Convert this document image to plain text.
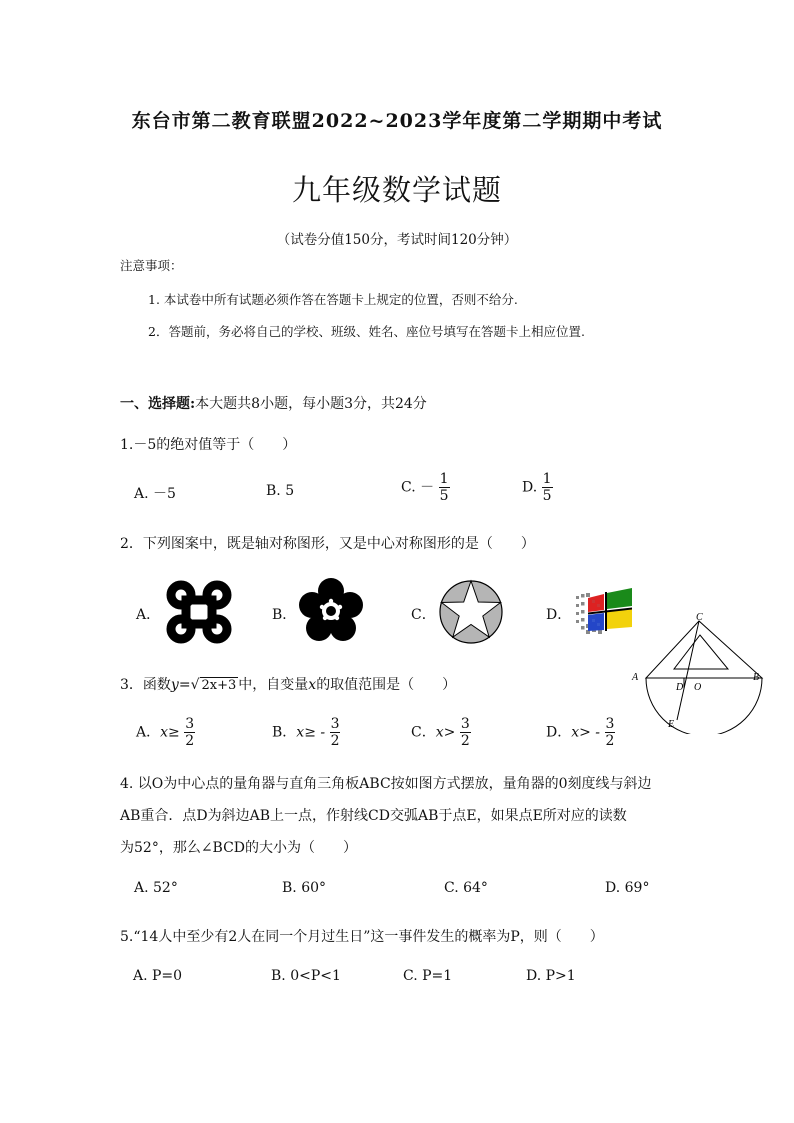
东台市第二教育联盟2022~2023学年度第二学期期中考试
九年级数学试题
（试卷分值150分，考试时间120分钟）
注意事项：
1. 本试卷中所有试题必须作答在答题卡上规定的位置，否则不给分.
2．答题前，务必将自己的学校、班级、姓名、座位号填写在答题卡上相应位置.
一、选择题:本大题共8小题，每小题3分，共24分
1.－5的绝对值等于（　　）
A. －5	B. 5	C. － $\frac{1}{5}$	D. $\frac{1}{5}$
2．下列图案中，既是轴对称图形，又是中心对称图形的是（　　）
A．	B．	C．	D．	C
A	B
D O
E
3．函数y=√ 2x+3 中，自变量x的取值范围是（　　）
A．$x\ge \frac{3}{2}$	B．$x\ge - \frac{3}{2}$	C．$x> \frac{3}{2}$	D．$x> - \frac{3}{2}$
4. 以O为中心点的量角器与直角三角板ABC按如图方式摆放，量角器的0刻度线与斜边
AB重合．点D为斜边AB上一点，作射线CD交弧AB于点E，如果点E所对应的读数
为52°，那么∠BCD的大小为（　　）
A. 52°	B. 60°	C. 64°	D. 69°
5.“14人中至少有2人在同一个月过生日”这一事件发生的概率为P，则（　　）
A. P=0	B. 0<P<1	C. P=1	D. P>1
